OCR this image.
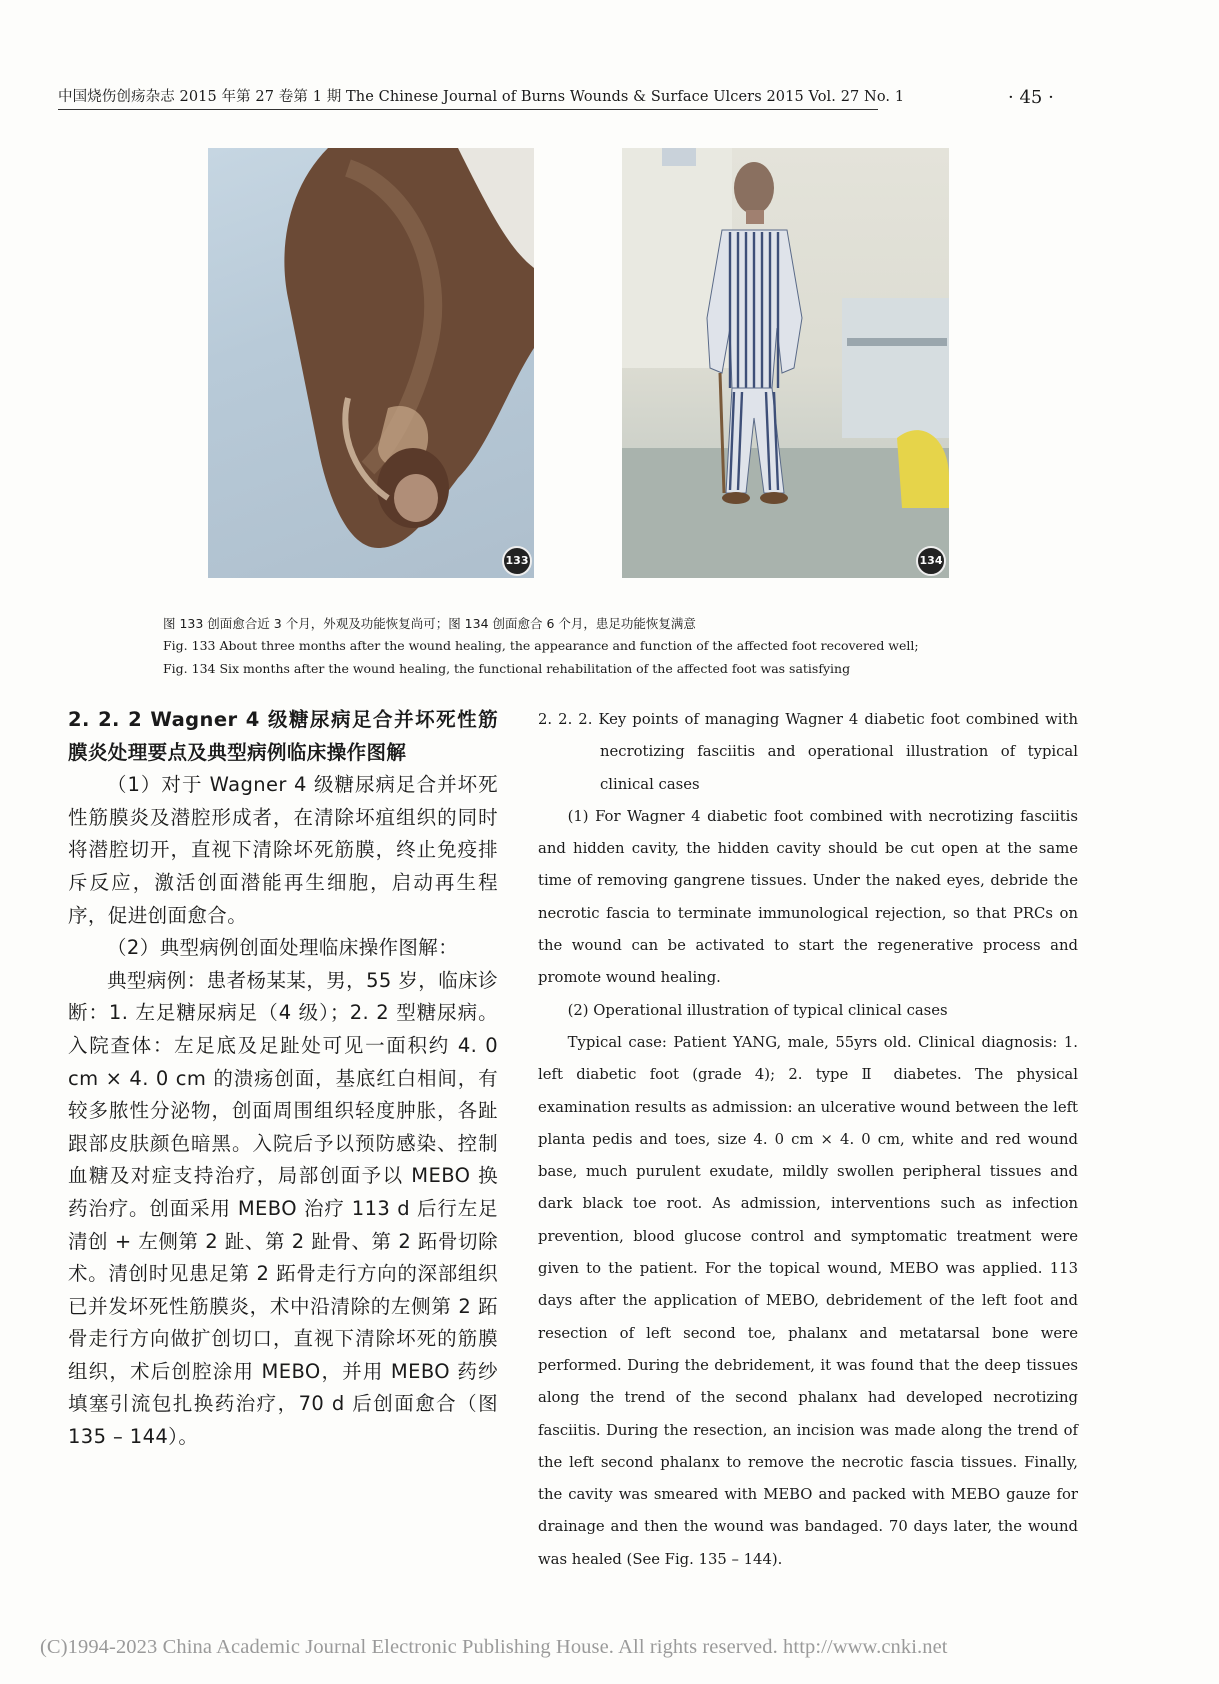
中国烧伤创疡杂志 2015 年第 27 卷第 1 期 The Chinese Journal of Burns Wounds & Surface Ulcers 2015 Vol. 27 No. 1	· 45 ·
133	134
图 133 创面愈合近 3 个月，外观及功能恢复尚可；图 134 创面愈合 6 个月，患足功能恢复满意
Fig. 133 About three months after the wound healing, the appearance and function of the affected foot recovered well;
Fig. 134 Six months after the wound healing, the functional rehabilitation of the affected foot was satisfying

2. 2. 2 Wagner 4 级糖尿病足合并坏死性筋膜炎处理要点及典型病例临床操作图解

（1）对于 Wagner 4 级糖尿病足合并坏死性筋膜炎及潜腔形成者，在清除坏疽组织的同时将潜腔切开，直视下清除坏死筋膜，终止免疫排斥反应，激活创面潜能再生细胞，启动再生程序，促进创面愈合。

（2）典型病例创面处理临床操作图解：

典型病例：患者杨某某，男，55 岁，临床诊断：1. 左足糖尿病足（4 级）；2. 2 型糖尿病。入院查体：左足底及足趾处可见一面积约 4. 0 cm × 4. 0 cm 的溃疡创面，基底红白相间，有较多脓性分泌物，创面周围组织轻度肿胀，各趾跟部皮肤颜色暗黑。入院后予以预防感染、控制血糖及对症支持治疗，局部创面予以 MEBO 换药治疗。创面采用 MEBO 治疗 113 d 后行左足清创 + 左侧第 2 趾、第 2 趾骨、第 2 跖骨切除术。清创时见患足第 2 跖骨走行方向的深部组织已并发坏死性筋膜炎，术中沿清除的左侧第 2 跖骨走行方向做扩创切口，直视下清除坏死的筋膜组织，术后创腔涂用 MEBO，并用 MEBO 药纱填塞引流包扎换药治疗，70 d 后创面愈合（图 135 – 144）。

2. 2. 2. Key points of managing Wagner 4 diabetic foot combined with necrotizing fasciitis and operational illustration of typical clinical cases

(1) For Wagner 4 diabetic foot combined with necrotizing fasciitis and hidden cavity, the hidden cavity should be cut open at the same time of removing gangrene tissues. Under the naked eyes, debride the necrotic fascia to terminate immunological rejection, so that PRCs on the wound can be activated to start the regenerative process and promote wound healing.

(2) Operational illustration of typical clinical cases

Typical case: Patient YANG, male, 55yrs old. Clinical diagnosis: 1. left diabetic foot (grade 4); 2. type Ⅱ diabetes. The physical examination results as admission: an ulcerative wound between the left planta pedis and toes, size 4. 0 cm × 4. 0 cm, white and red wound base, much purulent exudate, mildly swollen peripheral tissues and dark black toe root. As admission, interventions such as infection prevention, blood glucose control and symptomatic treatment were given to the patient. For the topical wound, MEBO was applied. 113 days after the application of MEBO, debridement of the left foot and resection of left second toe, phalanx and metatarsal bone were performed. During the debridement, it was found that the deep tissues along the trend of the second phalanx had developed necrotizing fasciitis. During the resection, an incision was made along the trend of the left second phalanx to remove the necrotic fascia tissues. Finally, the cavity was smeared with MEBO and packed with MEBO gauze for drainage and then the wound was bandaged. 70 days later, the wound was healed (See Fig. 135 – 144).

(C)1994-2023 China Academic Journal Electronic Publishing House. All rights reserved. http://www.cnki.net
